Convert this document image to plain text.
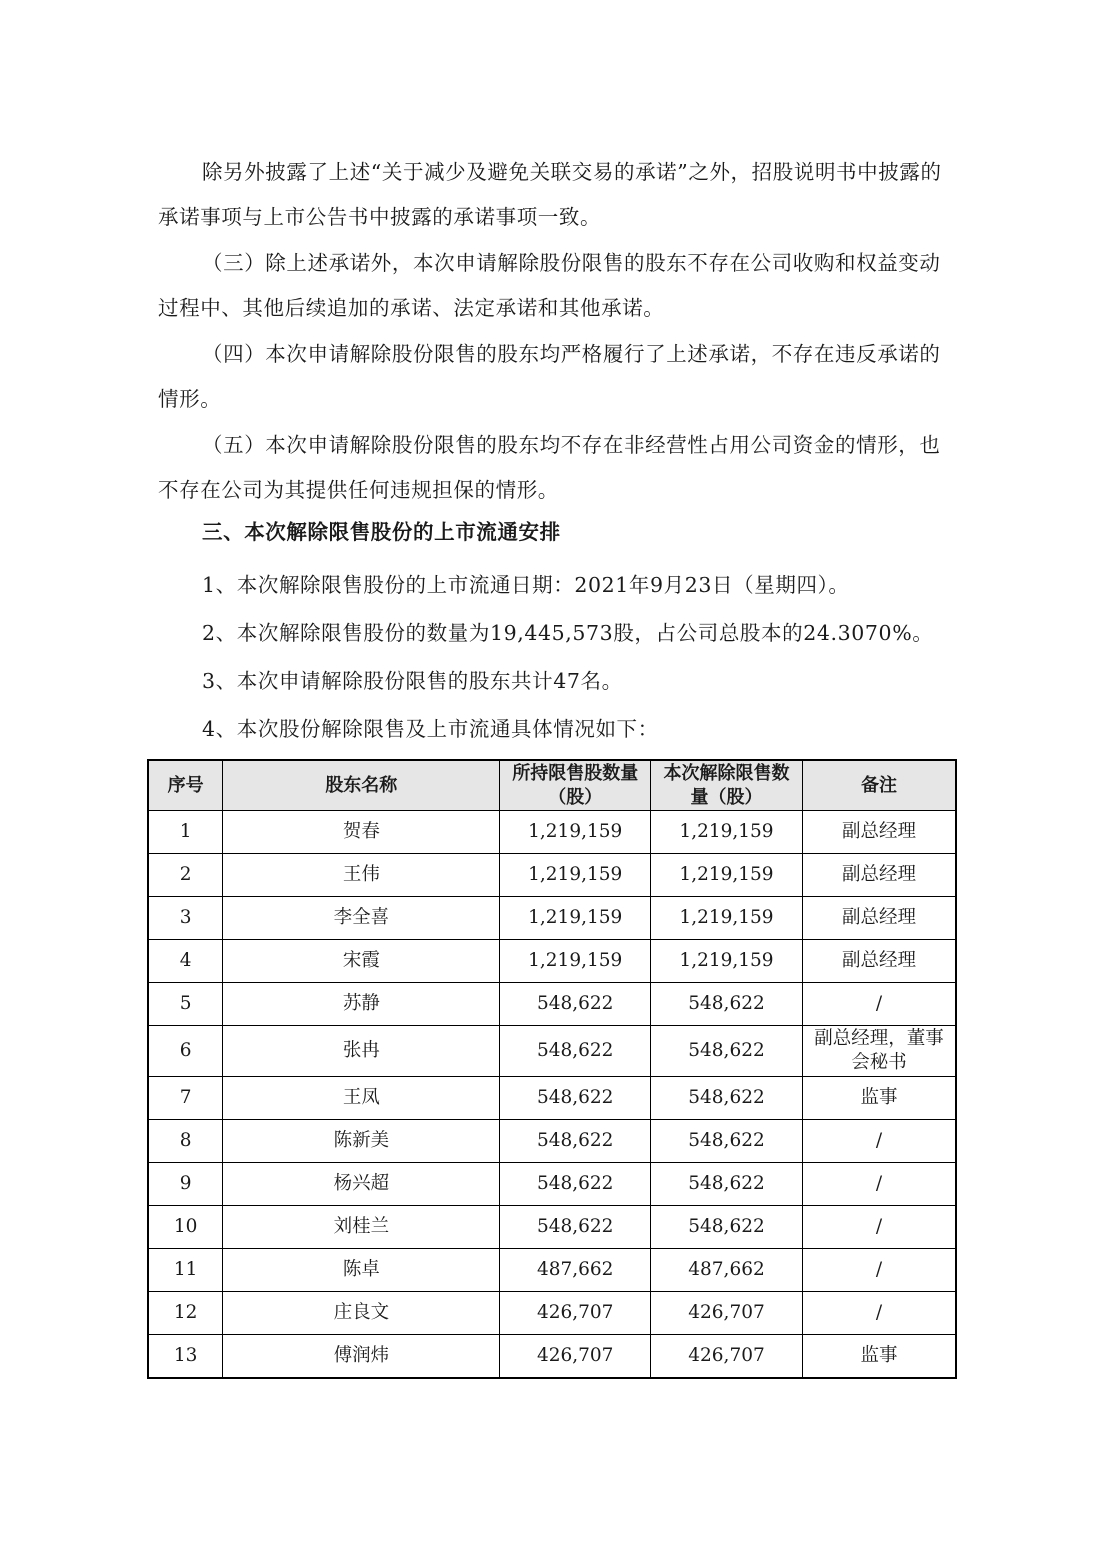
除另外披露了上述“关于减少及避免关联交易的承诺”之外，招股说明书中披露的承诺事项与上市公告书中披露的承诺事项一致。

（三）除上述承诺外，本次申请解除股份限售的股东不存在公司收购和权益变动过程中、其他后续追加的承诺、法定承诺和其他承诺。

（四）本次申请解除股份限售的股东均严格履行了上述承诺，不存在违反承诺的情形。

（五）本次申请解除股份限售的股东均不存在非经营性占用公司资金的情形，也不存在公司为其提供任何违规担保的情形。

三、本次解除限售股份的上市流通安排

1、本次解除限售股份的上市流通日期：2021年9月23日（星期四）。

2、本次解除限售股份的数量为19,445,573股，占公司总股本的24.3070%。

3、本次申请解除股份限售的股东共计47名。

4、本次股份解除限售及上市流通具体情况如下：

序号	股东名称	所持限售股数量（股）	本次解除限售数量（股）	备注
1	贺春	1,219,159	1,219,159	副总经理
2	王伟	1,219,159	1,219,159	副总经理
3	李全喜	1,219,159	1,219,159	副总经理
4	宋霞	1,219,159	1,219,159	副总经理
5	苏静	548,622	548,622	/
6	张冉	548,622	548,622	副总经理，董事会秘书
7	王凤	548,622	548,622	监事
8	陈新美	548,622	548,622	/
9	杨兴超	548,622	548,622	/
10	刘桂兰	548,622	548,622	/
11	陈卓	487,662	487,662	/
12	庄良文	426,707	426,707	/
13	傅润炜	426,707	426,707	监事
